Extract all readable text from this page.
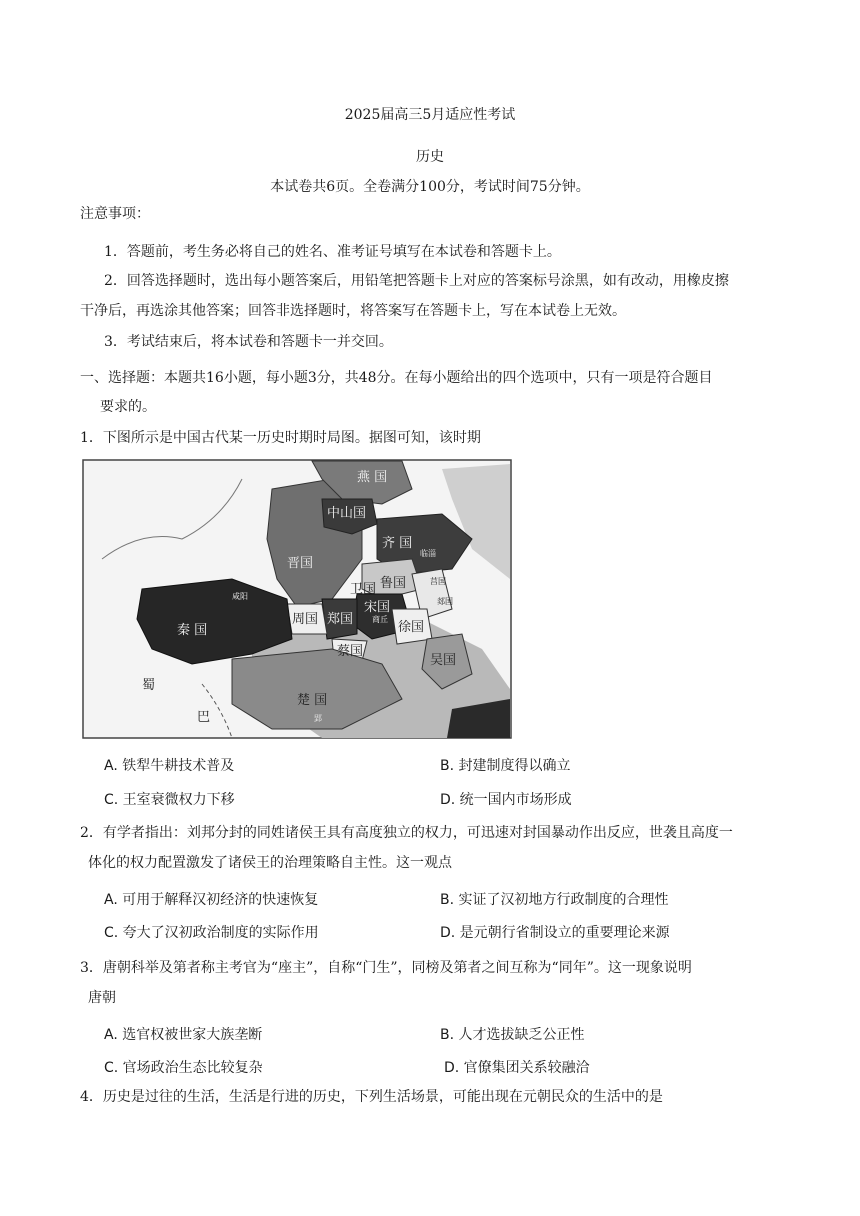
2025届高三5月适应性考试
历史
本试卷共6页。全卷满分100分，考试时间75分钟。
注意事项：
1．答题前，考生务必将自己的姓名、准考证号填写在本试卷和答题卡上。
2．回答选择题时，选出每小题答案后，用铅笔把答题卡上对应的答案标号涂黑，如有改动，用橡皮擦
干净后，再选涂其他答案；回答非选择题时，将答案写在答题卡上，写在本试卷上无效。
3．考试结束后，将本试卷和答题卡一并交回。
一、选择题：本题共16小题，每小题3分，共48分。在每小题给出的四个选项中，只有一项是符合题目
要求的。
1．下图所示是中国古代某一历史时期时局图。据图可知，该时期
燕 国
中山国
齐 国
临淄
晋国
鲁国
卫国
宋国
商丘
郑国
周国
徐国
莒国
郯国
秦 国
咸阳
蔡国
吴国
楚 国
郢
蜀
巴
A. 铁犁牛耕技术普及	B. 封建制度得以确立
C. 王室衰微权力下移	D. 统一国内市场形成
2．有学者指出：刘邦分封的同姓诸侯王具有高度独立的权力，可迅速对封国暴动作出反应，世袭且高度一
体化的权力配置激发了诸侯王的治理策略自主性。这一观点
A. 可用于解释汉初经济的快速恢复	B. 实证了汉初地方行政制度的合理性
C. 夸大了汉初政治制度的实际作用	D. 是元朝行省制设立的重要理论来源
3．唐朝科举及第者称主考官为“座主”，自称“门生”，同榜及第者之间互称为“同年”。这一现象说明
唐朝
A. 选官权被世家大族垄断	B. 人才选拔缺乏公正性
C. 官场政治生态比较复杂	D. 官僚集团关系较融洽
4．历史是过往的生活，生活是行进的历史，下列生活场景，可能出现在元朝民众的生活中的是
